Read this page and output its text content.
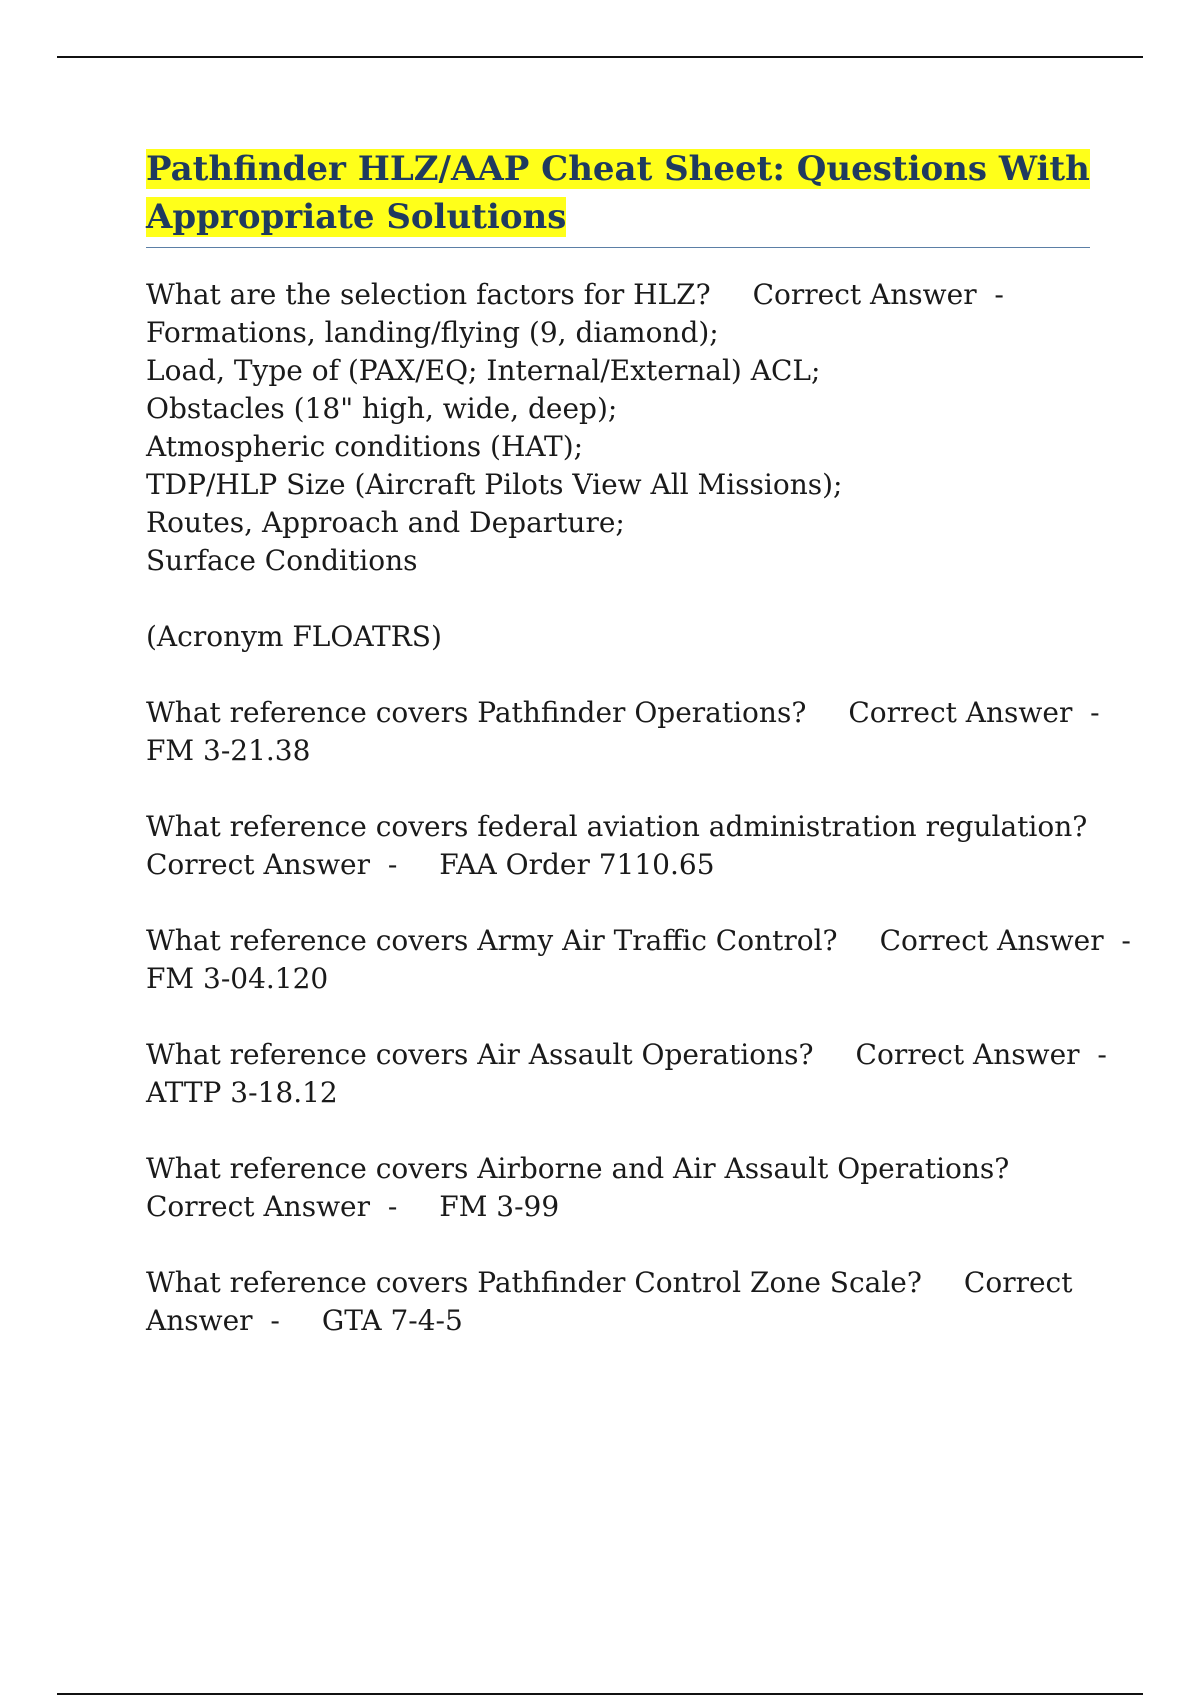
Pathfinder HLZ/AAP Cheat Sheet: Questions With
Appropriate Solutions
What are the selection factors for HLZ? Correct Answer -
Formations, landing/flying (9, diamond);
Load, Type of (PAX/EQ; Internal/External) ACL;
Obstacles (18" high, wide, deep);
Atmospheric conditions (HAT);
TDP/HLP Size (Aircraft Pilots View All Missions);
Routes, Approach and Departure;
Surface Conditions
(Acronym FLOATRS)
What reference covers Pathfinder Operations? Correct Answer -
FM 3-21.38
What reference covers federal aviation administration regulation?
Correct Answer - FAA Order 7110.65
What reference covers Army Air Traffic Control? Correct Answer -
FM 3-04.120
What reference covers Air Assault Operations? Correct Answer -
ATTP 3-18.12
What reference covers Airborne and Air Assault Operations?
Correct Answer - FM 3-99
What reference covers Pathfinder Control Zone Scale? Correct
Answer - GTA 7-4-5
